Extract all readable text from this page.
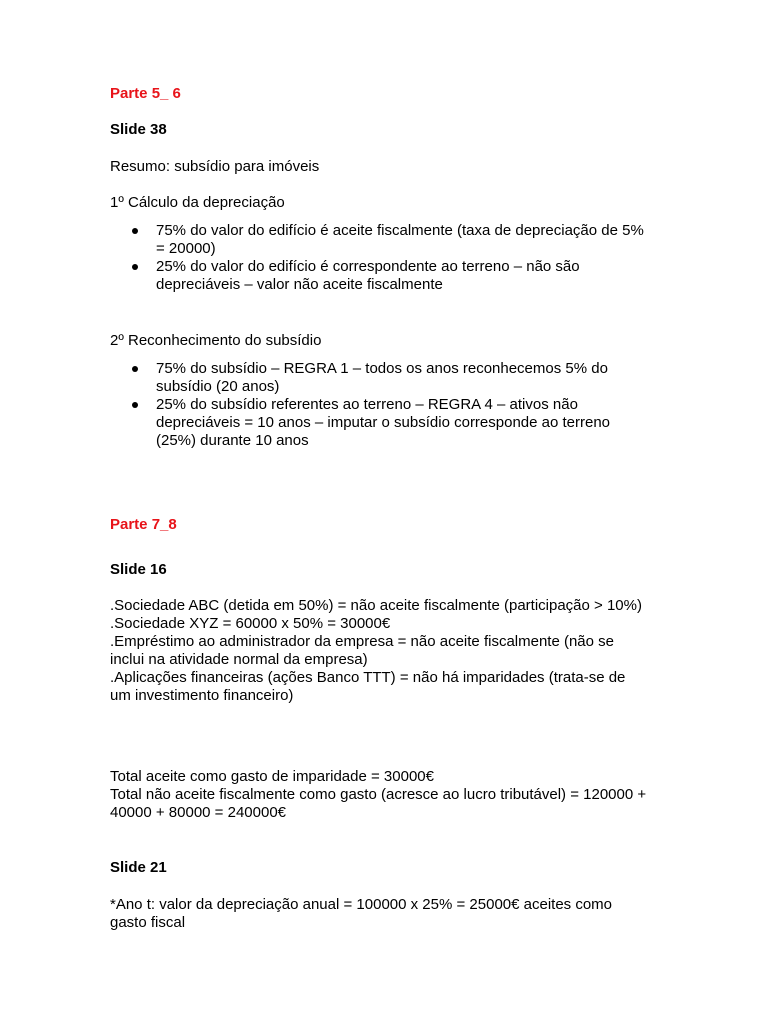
Parte 5_ 6
Slide 38
Resumo: subsídio para imóveis
1º Cálculo da depreciação
75% do valor do edifício é aceite fiscalmente (taxa de depreciação de 5% = 20000)
25% do valor do edifício é correspondente ao terreno – não são depreciáveis – valor não aceite fiscalmente
2º Reconhecimento do subsídio
75% do subsídio – REGRA 1 – todos os anos reconhecemos 5% do subsídio (20 anos)
25% do subsídio referentes ao terreno – REGRA 4 – ativos não depreciáveis = 10 anos – imputar o subsídio corresponde ao terreno (25%) durante 10 anos
Parte 7_8
Slide 16
.Sociedade ABC (detida em 50%) = não aceite fiscalmente (participação > 10%)
.Sociedade XYZ = 60000 x 50% = 30000€
.Empréstimo ao administrador da empresa = não aceite fiscalmente (não se inclui na atividade normal da empresa)
.Aplicações financeiras (ações Banco TTT) = não há imparidades (trata-se de um investimento financeiro)
Total aceite como gasto de imparidade = 30000€
Total não aceite fiscalmente como gasto (acresce ao lucro tributável) = 120000 + 40000 + 80000 = 240000€
Slide 21
*Ano t: valor da depreciação anual = 100000 x 25% = 25000€ aceites como gasto fiscal
